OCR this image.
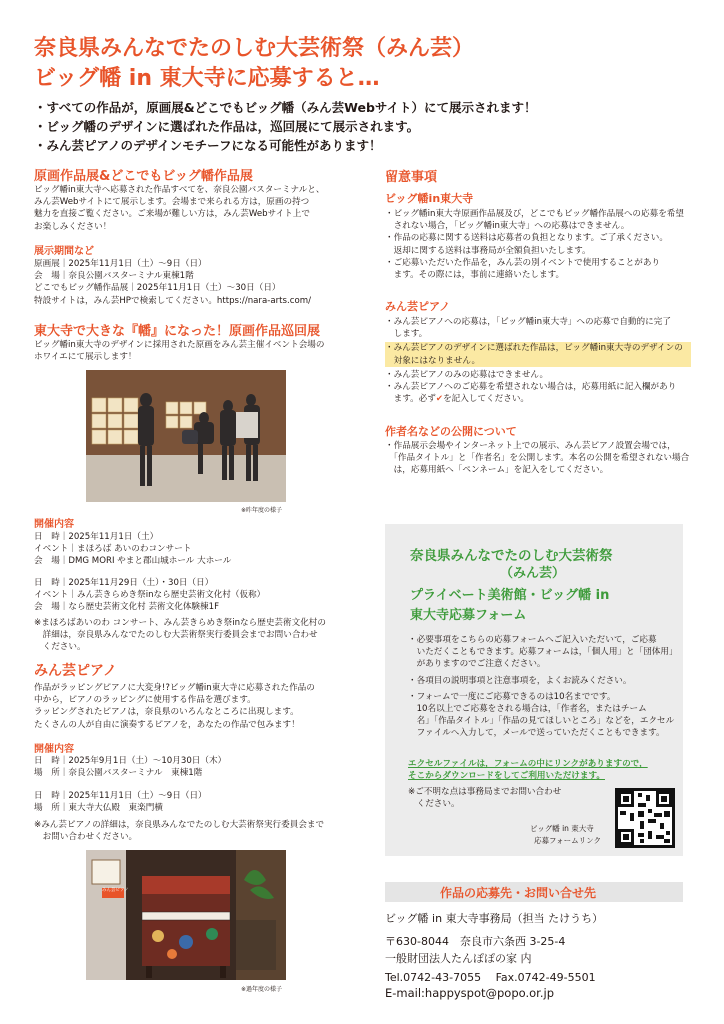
奈良県みんなでたのしむ大芸術祭（みん芸）
ビッグ幡 in 東大寺に応募すると…
・すべての作品が，原画展&どこでもビッグ幡（みん芸Webサイト）にて展示されます！
・ビッグ幡のデザインに選ばれた作品は，巡回展にて展示されます。
・みん芸ピアノのデザインモチーフになる可能性があります！
原画作品展&どこでもビッグ幡作品展
ビッグ幡in東大寺へ応募された作品すべてを、奈良公園バスターミナルと、
みん芸Webサイトにて展示します。会場まで来られる方は，原画の持つ
魅力を直接ご覧ください。ご来場が難しい方は，みん芸Webサイト上で
お楽しみください！
展示期間など
原画展｜2025年11月1日（土）～9日（日）
会　場｜奈良公園バスターミナル東棟1階
どこでもビッグ幡作品展｜2025年11月1日（土）～30日（日）
特設サイトは，みん芸HPで検索してください。https://nara-arts.com/
東大寺で大きな『幡』になった！原画作品巡回展
ビッグ幡in東大寺のデザインに採用された原画をみん芸主催イベント会場の
ホワイエにて展示します！
※昨年度の様子
開催内容
日　時｜2025年11月1日（土）
イベント｜まほろば あいのわコンサート
会　場｜DMG MORI やまと郡山城ホール 大ホール
日　時｜2025年11月29日（土）・30日（日）
イベント｜みん芸きらめき祭inなら歴史芸術文化村（仮称）
会　場｜なら歴史芸術文化村 芸術文化体験棟1F
※まほろばあいのわ コンサート、みん芸きらめき祭inなら歴史芸術文化村の
　詳細は，奈良県みんなでたのしむ大芸術祭実行委員会までお問い合わせ
　ください。
みん芸ピアノ
作品がラッピングピアノに大変身!?ビッグ幡in東大寺に応募された作品の
中から，ピアノのラッピングに使用する作品を選びます。
ラッピングされたピアノは，奈良県のいろんなところに出現します。
たくさんの人が自由に演奏するピアノを，あなたの作品で包みます！
開催内容
日　時｜2025年9月1日（土）～10月30日（木）
場　所｜奈良公園バスターミナル　東棟1階
日　時｜2025年11月1日（土）～9日（日）
場　所｜東大寺大仏殿　東楽門横
※みん芸ピアノの詳細は，奈良県みんなでたのしむ大芸術祭実行委員会まで
　お問い合わせください。
みん芸ピアノ
※過年度の様子
留意事項
ビッグ幡in東大寺
・ビッグ幡in東大寺原画作品展及び，どこでもビッグ幡作品展への応募を希望
　されない場合，「ビッグ幡in東大寺」への応募はできません。
・作品の応募に関する送料は応募者の負担となります。ご了承ください。
　返却に関する送料は事務局が全額負担いたします。
・ご応募いただいた作品を，みん芸の別イベントで使用することがあり
　ます。その際には，事前に連絡いたします。
みん芸ピアノ
・みん芸ピアノへの応募は，「ビッグ幡in東大寺」への応募で自動的に完了
　します。
・みん芸ピアノのデザインに選ばれた作品は，ビッグ幡in東大寺のデザインの
　対象にはなりません。
・みん芸ピアノのみの応募はできません。
・みん芸ピアノへのご応募を希望されない場合は，応募用紙に記入欄があり
　ます。必ず✔を記入してください。
作者名などの公開について
・作品展示会場やインターネット上での展示、みん芸ピアノ設置会場では，
　「作品タイトル」と「作者名」を公開します。本名の公開を希望されない場合
　は，応募用紙へ「ペンネーム」を記入をしてください。
奈良県みんなでたのしむ大芸術祭
（みん芸）
プライベート美術館・ビッグ幡 in
東大寺応募フォーム
・必要事項をこちらの応募フォームへご記入いただいて，ご応募
　いただくこともできます。応募フォームは，「個人用」と「団体用」
　がありますのでご注意ください。
・各項目の説明事項と注意事項を，よくお読みください。
・フォームで一度にご応募できるのは10名までです。
　10名以上でご応募をされる場合は，「作者名，またはチーム
　名」「作品タイトル」「作品の見てほしいところ」などを，エクセル
　ファイルへ入力して，メールで送っていただくこともできます。
エクセルファイルは，フォームの中にリンクがありますので，
そこからダウンロードをしてご利用いただけます。
※ご不明な点は事務局までお問い合わせ
　ください。
ビッグ幡 in 東大寺
応募フォームリンク
作品の応募先・お問い合せ先
ビッグ幡 in 東大寺事務局（担当 たけうち）
〒630-8044　奈良市六条西 3-25-4
一般財団法人たんぽぽの家 内
Tel.0742-43-7055　 Fax.0742-49-5501
E-mail:happyspot@popo.or.jp
